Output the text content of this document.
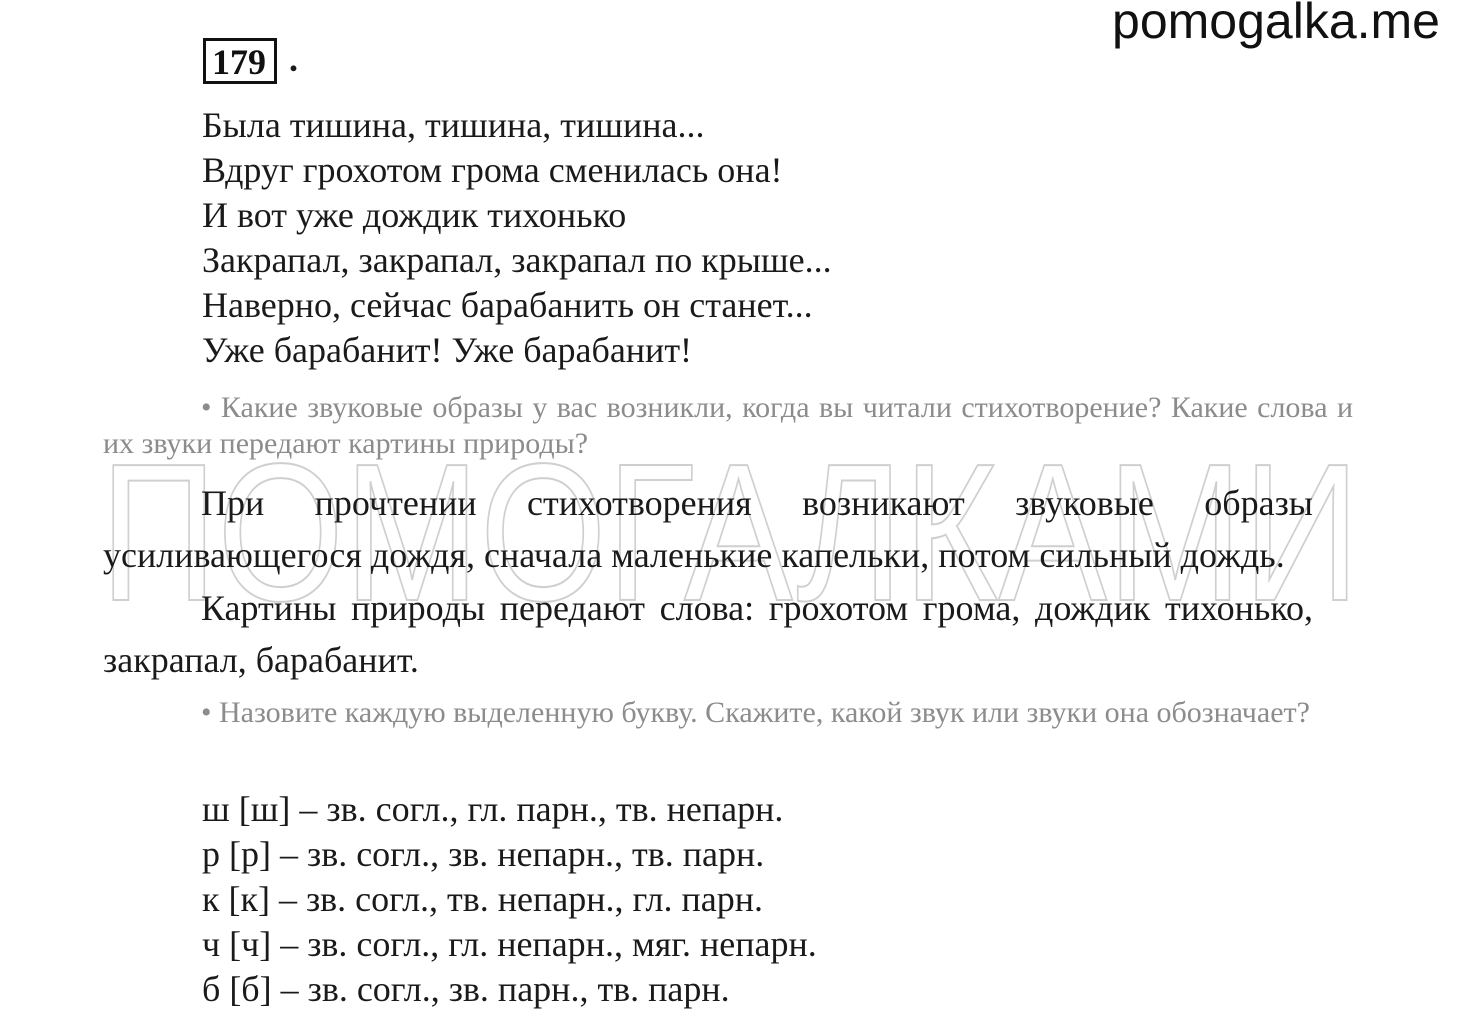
pomogalka.me
179 .
ПОМОГАЛКАМИ
Была тишина, тишина, тишина...
Вдруг грохотом грома сменилась она!
И вот уже дождик тихонько
Закрапал, закрапал, закрапал по крыше...
Наверно, сейчас барабанить он станет...
Уже барабанит! Уже барабанит!
• Какие звуковые образы у вас возникли, когда вы читали стихотворение? Какие слова и их звуки передают картины природы?
При прочтении стихотворения возникают звуковые образы усиливающегося дождя, сначала маленькие капельки, потом сильный дождь.
Картины природы передают слова: грохотом грома, дождик тихонько, закрапал, барабанит.
• Назовите каждую выделенную букву. Скажите, какой звук или звуки она обозначает?
ш [ш] – зв. согл., гл. парн., тв. непарн.
р [р] – зв. согл., зв. непарн., тв. парн.
к [к] – зв. согл., тв. непарн., гл. парн.
ч [ч] – зв. согл., гл. непарн., мяг. непарн.
б [б] – зв. согл., зв. парн., тв. парн.
